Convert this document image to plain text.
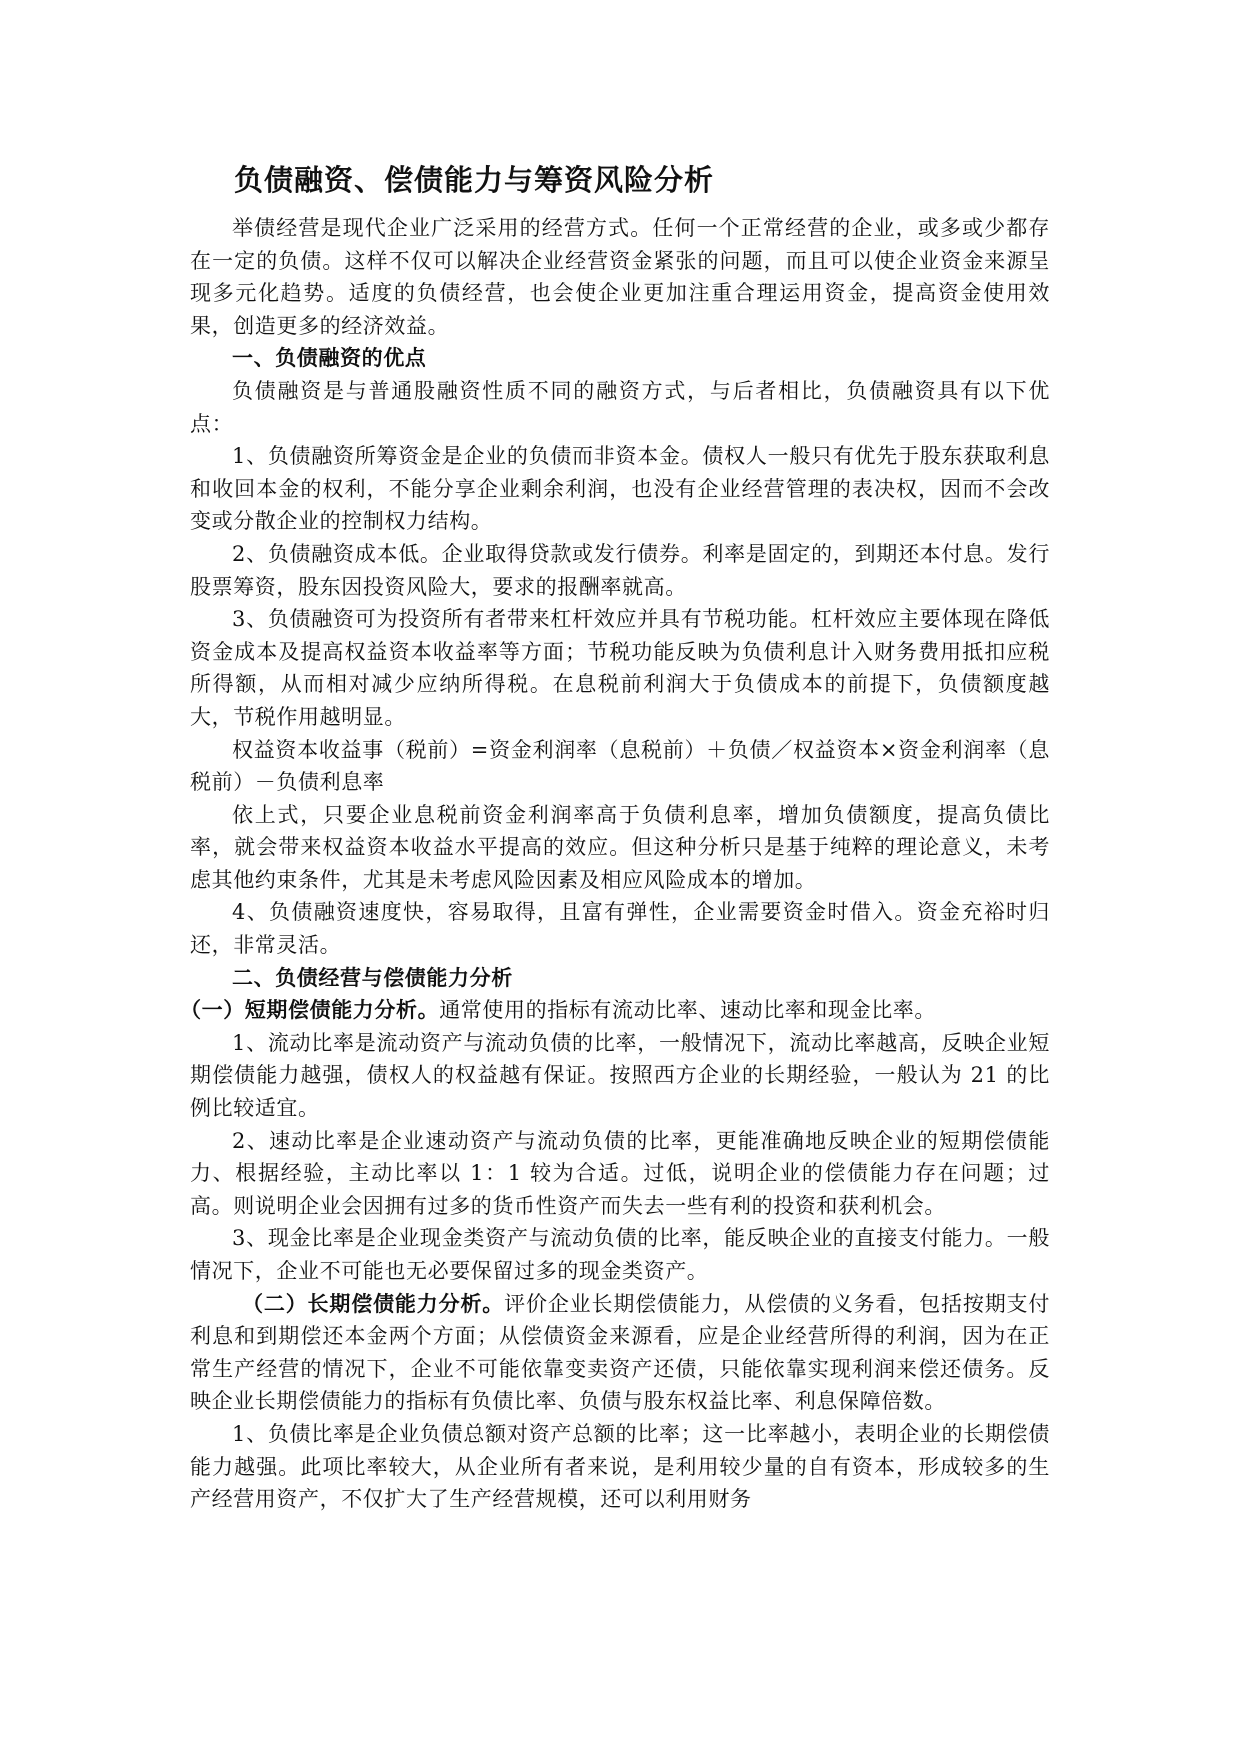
负债融资、偿债能力与筹资风险分析

举债经营是现代企业广泛采用的经营方式。任何一个正常经营的企业，或多或少都存在一定的负债。这样不仅可以解决企业经营资金紧张的问题，而且可以使企业资金来源呈现多元化趋势。适度的负债经营，也会使企业更加注重合理运用资金，提高资金使用效果，创造更多的经济效益。

一、负债融资的优点

负债融资是与普通股融资性质不同的融资方式，与后者相比，负债融资具有以下优点：

1、负债融资所筹资金是企业的负债而非资本金。债权人一般只有优先于股东获取利息和收回本金的权利，不能分享企业剩余利润，也没有企业经营管理的表决权，因而不会改变或分散企业的控制权力结构。

2、负债融资成本低。企业取得贷款或发行债券。利率是固定的，到期还本付息。发行股票筹资，股东因投资风险大，要求的报酬率就高。

3、负债融资可为投资所有者带来杠杆效应并具有节税功能。杠杆效应主要体现在降低资金成本及提高权益资本收益率等方面；节税功能反映为负债利息计入财务费用抵扣应税所得额，从而相对减少应纳所得税。在息税前利润大于负债成本的前提下，负债额度越大，节税作用越明显。

权益资本收益事（税前）=资金利润率（息税前）＋负债／权益资本×资金利润率（息税前）－负债利息率

依上式，只要企业息税前资金利润率高于负债利息率，增加负债额度，提高负债比率，就会带来权益资本收益水平提高的效应。但这种分析只是基于纯粹的理论意义，未考虑其他约束条件，尤其是未考虑风险因素及相应风险成本的增加。

4、负债融资速度快，容易取得，且富有弹性，企业需要资金时借入。资金充裕时归还，非常灵活。

二、负债经营与偿债能力分析

（一）短期偿债能力分析。通常使用的指标有流动比率、速动比率和现金比率。

1、流动比率是流动资产与流动负债的比率，一般情况下，流动比率越高，反映企业短期偿债能力越强，债权人的权益越有保证。按照西方企业的长期经验，一般认为 21 的比例比较适宜。

2、速动比率是企业速动资产与流动负债的比率，更能准确地反映企业的短期偿债能力、根据经验，主动比率以 1：1 较为合适。过低，说明企业的偿债能力存在问题；过高。则说明企业会因拥有过多的货币性资产而失去一些有利的投资和获利机会。

3、现金比率是企业现金类资产与流动负债的比率，能反映企业的直接支付能力。一般情况下，企业不可能也无必要保留过多的现金类资产。

（二）长期偿债能力分析。评价企业长期偿债能力，从偿债的义务看，包括按期支付利息和到期偿还本金两个方面；从偿债资金来源看，应是企业经营所得的利润，因为在正常生产经营的情况下，企业不可能依靠变卖资产还债，只能依靠实现利润来偿还债务。反映企业长期偿债能力的指标有负债比率、负债与股东权益比率、利息保障倍数。

1、负债比率是企业负债总额对资产总额的比率；这一比率越小，表明企业的长期偿债能力越强。此项比率较大，从企业所有者来说，是利用较少量的自有资本，形成较多的生产经营用资产，不仅扩大了生产经营规模，还可以利用财务
